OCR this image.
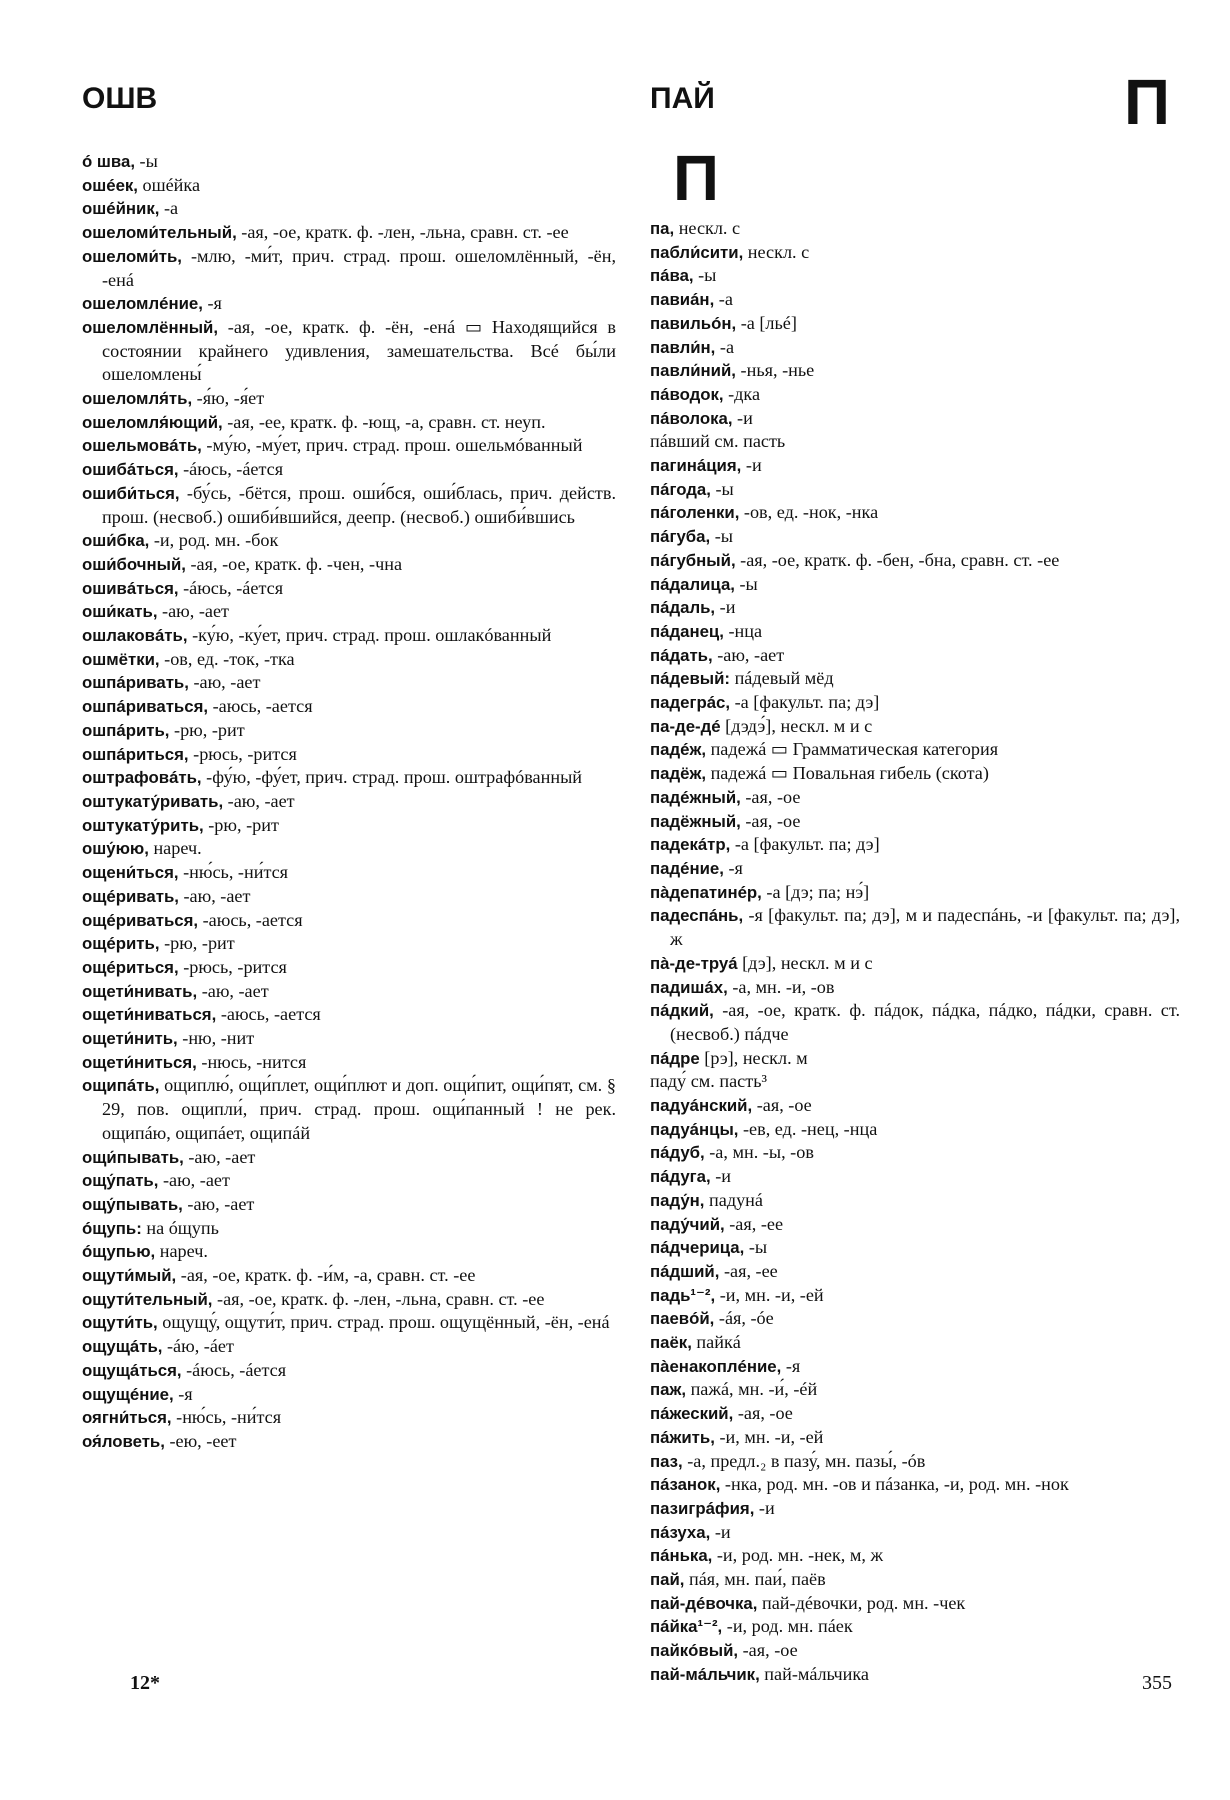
ОШВ	ПАЙ	П
П

ó шва, -ы

ошéек, ошéйка

ошéйник, -а

ошеломи́тельный, -ая, -ое, кратк. ф. -лен, -льна, сравн. ст. -ее

ошеломи́ть, -млю, -ми́т, прич. страд. прош. ошеломлённый, -ён, -енá

ошеломлéние, -я

ошеломлённый, -ая, -ое, кратк. ф. -ён, -енá ▭ Находящийся в состоянии крайнего удивления, замешательства. Всé бы́ли ошеломлены́

ошеломля́ть, -я́ю, -я́ет

ошеломля́ющий, -ая, -ее, кратк. ф. -ющ, -а, сравн. ст. неуп.

ошельмовáть, -му́ю, -му́ет, прич. страд. прош. ошельмóванный

ошибáться, -áюсь, -áется

ошиби́ться, -бу́сь, -бётся, прош. оши́бся, оши́блась, прич. действ. прош. (несвоб.) ошиби́вшийся, деепр. (несвоб.) ошиби́вшись

оши́бка, -и, род. мн. -бок

оши́бочный, -ая, -ое, кратк. ф. -чен, -чна

ошивáться, -áюсь, -áется

оши́кать, -аю, -ает

ошлаковáть, -ку́ю, -ку́ет, прич. страд. прош. ошлакóванный

ошмётки, -ов, ед. -ток, -тка

ошпáривать, -аю, -ает

ошпáриваться, -аюсь, -ается

ошпáрить, -рю, -рит

ошпáриться, -рюсь, -рится

оштрафовáть, -фу́ю, -фу́ет, прич. страд. прош. оштрафóванный

оштукату́ривать, -аю, -ает

оштукату́рить, -рю, -рит

ошу́юю, нареч.

ощени́ться, -ню́сь, -ни́тся

ощéривать, -аю, -ает

ощéриваться, -аюсь, -ается

ощéрить, -рю, -рит

ощéриться, -рюсь, -рится

ощети́нивать, -аю, -ает

ощети́ниваться, -аюсь, -ается

ощети́нить, -ню, -нит

ощети́ниться, -нюсь, -нится

ощипáть, ощиплю́, ощи́плет, ощи́плют и доп. ощи́пит, ощи́пят, см. § 29, пов. ощипли́, прич. страд. прош. ощи́панный ! не рек. ощипáю, ощипáет, ощипáй

ощи́пывать, -аю, -ает

ощу́пать, -аю, -ает

ощу́пывать, -аю, -ает

óщупь: на óщупь

óщупью, нареч.

ощути́мый, -ая, -ое, кратк. ф. -и́м, -а, сравн. ст. -ее

ощути́тельный, -ая, -ое, кратк. ф. -лен, -льна, сравн. ст. -ее

ощути́ть, ощущу́, ощути́т, прич. страд. прош. ощущённый, -ён, -енá

ощущáть, -áю, -áет

ощущáться, -áюсь, -áется

ощущéние, -я

оягни́ться, -ню́сь, -ни́тся

оя́ловеть, -ею, -еет

па, нескл. с

пабли́сити, нескл. с

пáва, -ы

павиáн, -а

павильóн, -а [льé]

павли́н, -а

павли́ний, -нья, -нье

пáводок, -дка

пáволока, -и

пáвший см. пасть

пагинáция, -и

пáгода, -ы

пáголенки, -ов, ед. -нок, -нка

пáгуба, -ы

пáгубный, -ая, -ое, кратк. ф. -бен, -бна, сравн. ст. -ее

пáдалица, -ы

пáдаль, -и

пáданец, -нца

пáдать, -аю, -ает

пáдевый: пáдевый мёд

падегрáс, -а [факульт. па; дэ]

па-де-дé [дэдэ́], нескл. м и с

падéж, падежá ▭ Грамматическая категория

падёж, падежá ▭ Повальная гибель (скота)

падéжный, -ая, -ое

падёжный, -ая, -ое

падекáтр, -а [факульт. па; дэ]

падéние, -я

пàдепатинéр, -а [дэ; па; нэ́]

падеспáнь, -я [факульт. па; дэ], м и падеспáнь, -и [факульт. па; дэ], ж

пà-де-труá [дэ], нескл. м и с

падишáх, -а, мн. -и, -ов

пáдкий, -ая, -ое, кратк. ф. пáдок, пáдка, пáдко, пáдки, сравн. ст. (несвоб.) пáдче

пáдре [рэ], нескл. м

паду́ см. пасть³

падуáнский, -ая, -ое

падуáнцы, -ев, ед. -нец, -нца

пáдуб, -а, мн. -ы, -ов

пáдуга, -и

паду́н, падунá

паду́чий, -ая, -ее

пáдчерица, -ы

пáдший, -ая, -ее

падь¹⁻², -и, мн. -и, -ей

паевóй, -áя, -óе

паёк, пайкá

пàенакоплéние, -я

паж, пажá, мн. -и́, -éй

пáжеский, -ая, -ое

пáжить, -и, мн. -и, -ей

паз, -а, предл.₂ в пазу́, мн. пазы́, -óв

пáзанок, -нка, род. мн. -ов и пáзанка, -и, род. мн. -нок

пазигрáфия, -и

пáзуха, -и

пáнька, -и, род. мн. -нек, м, ж

пай, пáя, мн. паи́, паёв

пай-дéвочка, пай-дéвочки, род. мн. -чек

пáйка¹⁻², -и, род. мн. пáек

пайкóвый, -ая, -ое

пай-мáльчик, пай-мáльчика

12*	355
